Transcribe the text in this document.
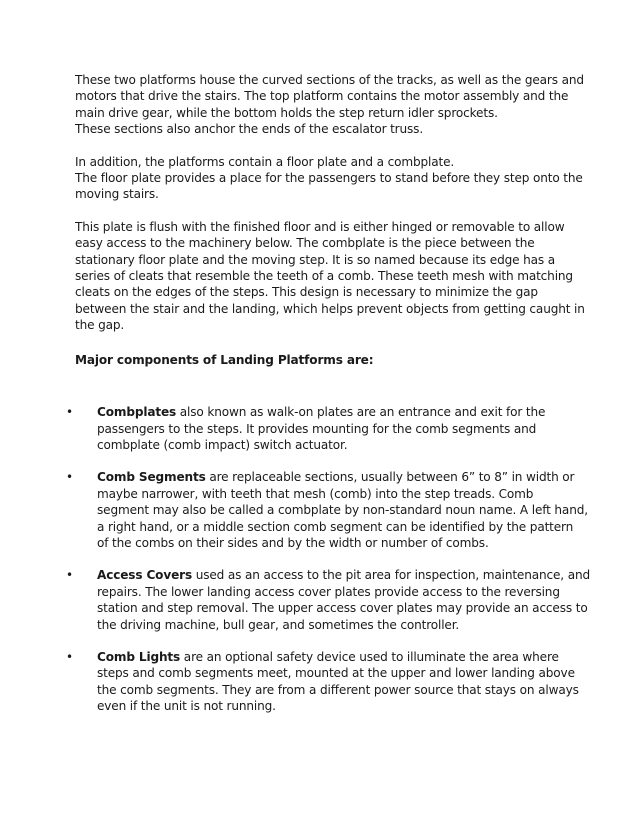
These two platforms house the curved sections of the tracks, as well as the gears and
motors that drive the stairs. The top platform contains the motor assembly and the
main drive gear, while the bottom holds the step return idler sprockets.
These sections also anchor the ends of the escalator truss.

In addition, the platforms contain a floor plate and a combplate.
The floor plate provides a place for the passengers to stand before they step onto the
moving stairs.

This plate is flush with the finished floor and is either hinged or removable to allow
easy access to the machinery below. The combplate is the piece between the
stationary floor plate and the moving step. It is so named because its edge has a
series of cleats that resemble the teeth of a comb. These teeth mesh with matching
cleats on the edges of the steps. This design is necessary to minimize the gap
between the stair and the landing, which helps prevent objects from getting caught in
the gap.

Major components of Landing Platforms are:
• Combplates also known as walk-on plates are an entrance and exit for the
passengers to the steps. It provides mounting for the comb segments and
combplate (comb impact) switch actuator.
• Comb Segments are replaceable sections, usually between 6” to 8” in width or
maybe narrower, with teeth that mesh (comb) into the step treads. Comb
segment may also be called a combplate by non-standard noun name. A left hand,
a right hand, or a middle section comb segment can be identified by the pattern
of the combs on their sides and by the width or number of combs.
• Access Covers used as an access to the pit area for inspection, maintenance, and
repairs. The lower landing access cover plates provide access to the reversing
station and step removal. The upper access cover plates may provide an access to
the driving machine, bull gear, and sometimes the controller.
• Comb Lights are an optional safety device used to illuminate the area where
steps and comb segments meet, mounted at the upper and lower landing above
the comb segments. They are from a different power source that stays on always
even if the unit is not running.
